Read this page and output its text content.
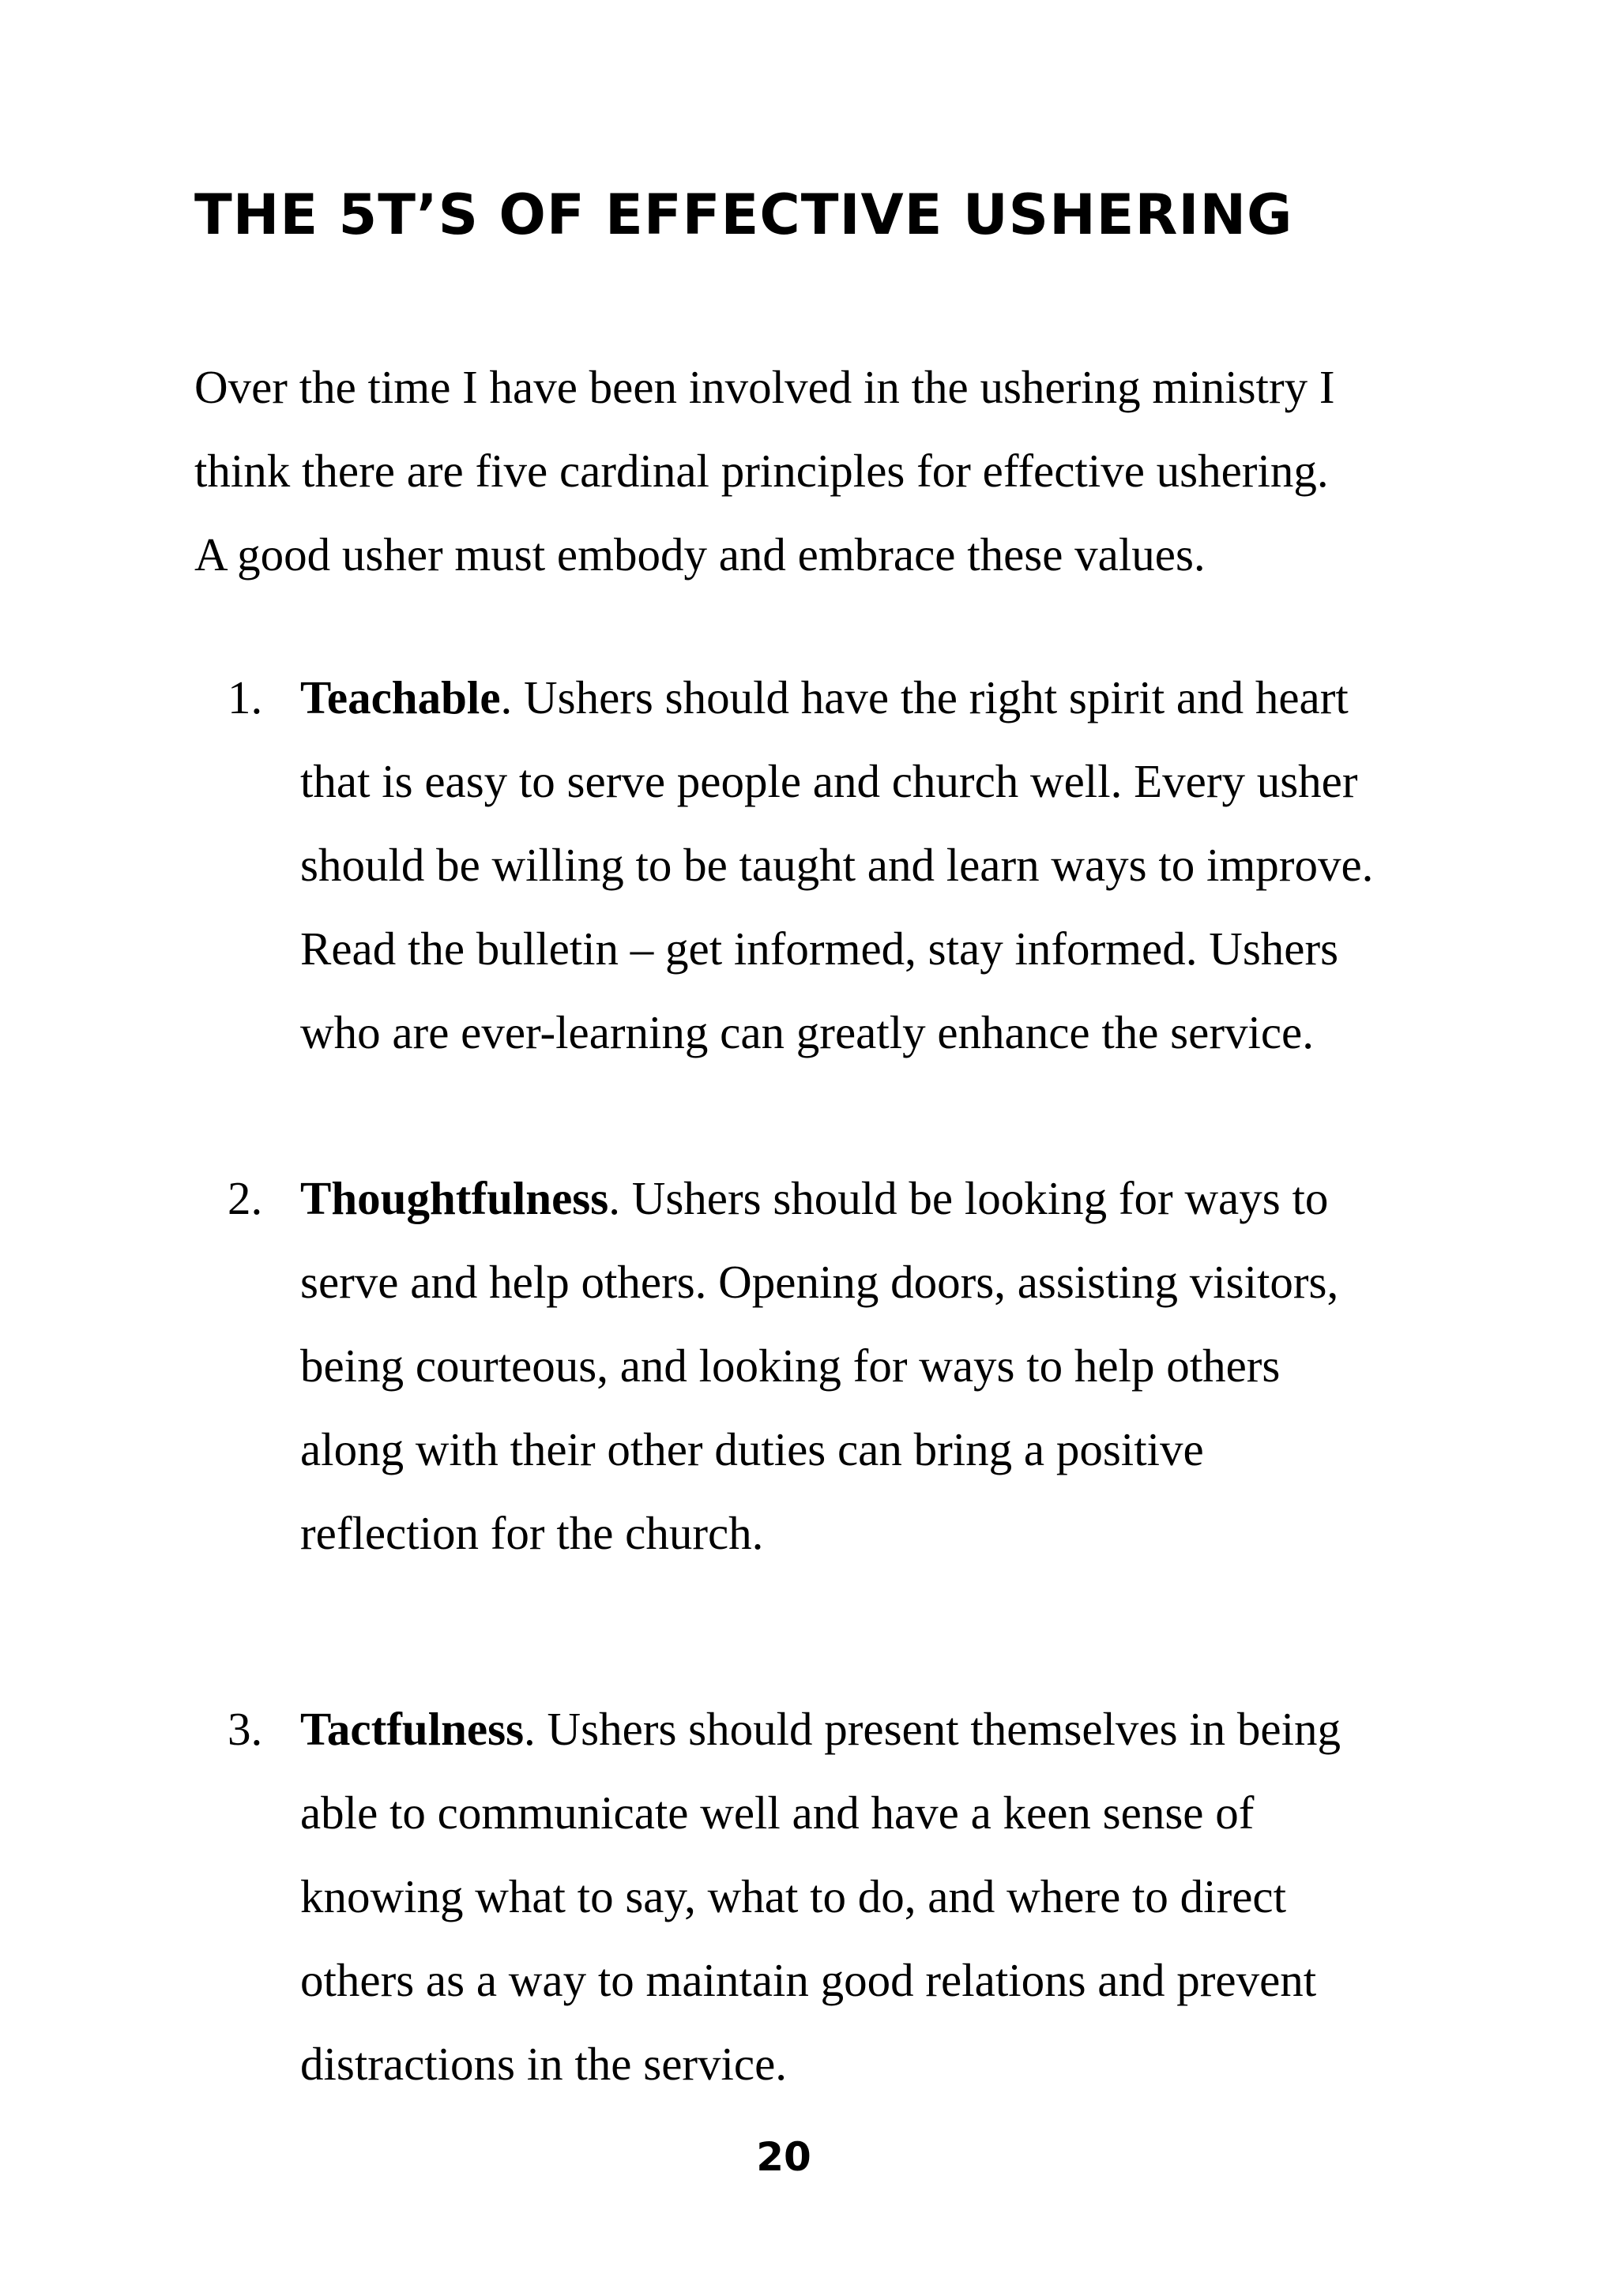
THE 5T’S OF EFFECTIVE USHERING

Over the time I have been involved in the ushering ministry I
think there are five cardinal principles for effective ushering.
A good usher must embody and embrace these values.

1. Teachable. Ushers should have the right spirit and heart
that is easy to serve people and church well. Every usher
should be willing to be taught and learn ways to improve.
Read the bulletin – get informed, stay informed. Ushers
who are ever-learning can greatly enhance the service.
2. Thoughtfulness. Ushers should be looking for ways to
serve and help others. Opening doors, assisting visitors,
being courteous, and looking for ways to help others
along with their other duties can bring a positive
reflection for the church.
3. Tactfulness. Ushers should present themselves in being
able to communicate well and have a keen sense of
knowing what to say, what to do, and where to direct
others as a way to maintain good relations and prevent
distractions in the service.

20
